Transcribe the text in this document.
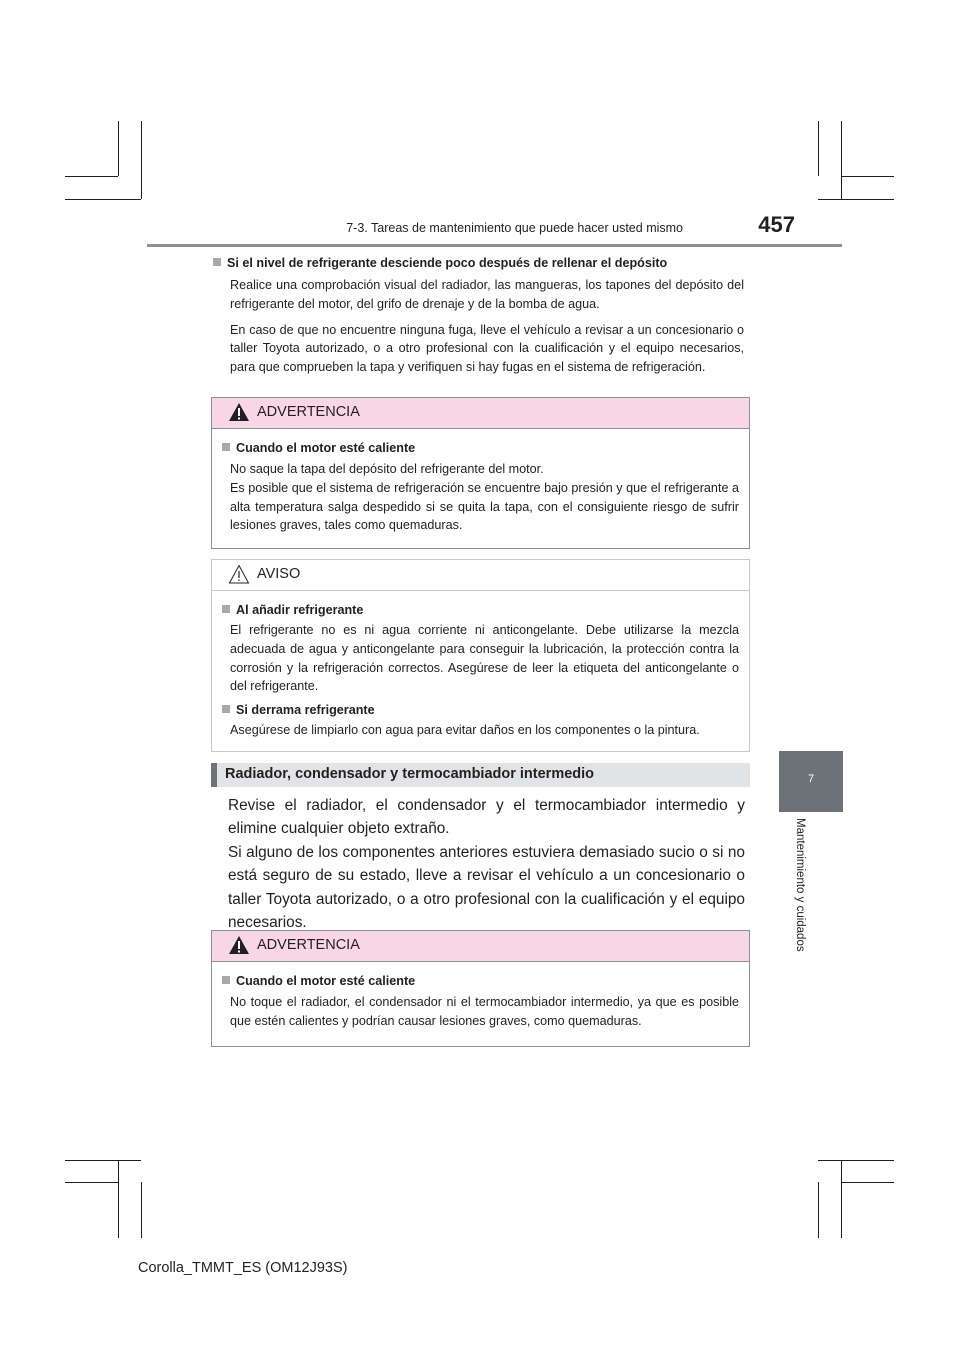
7-3. Tareas de mantenimiento que puede hacer usted mismo	457
7
Mantenimiento y cuidados
Si el nivel de refrigerante desciende poco después de rellenar el depósito
Realice una comprobación visual del radiador, las mangueras, los tapones del depósito del refrigerante del motor, del grifo de drenaje y de la bomba de agua.
En caso de que no encuentre ninguna fuga, lleve el vehículo a revisar a un concesionario o taller Toyota autorizado, o a otro profesional con la cualificación y el equipo necesarios, para que comprueben la tapa y verifiquen si hay fugas en el sistema de refrigeración.
ADVERTENCIA
Cuando el motor esté caliente
No saque la tapa del depósito del refrigerante del motor.
Es posible que el sistema de refrigeración se encuentre bajo presión y que el refrigerante a alta temperatura salga despedido si se quita la tapa, con el consiguiente riesgo de sufrir lesiones graves, tales como quemaduras.
AVISO
Al añadir refrigerante
El refrigerante no es ni agua corriente ni anticongelante. Debe utilizarse la mezcla adecuada de agua y anticongelante para conseguir la lubricación, la protección contra la corrosión y la refrigeración correctos. Asegúrese de leer la etiqueta del anticongelante o del refrigerante.
Si derrama refrigerante
Asegúrese de limpiarlo con agua para evitar daños en los componentes o la pintura.
Radiador, condensador y termocambiador intermedio
Revise el radiador, el condensador y el termocambiador intermedio y elimine cualquier objeto extraño.
Si alguno de los componentes anteriores estuviera demasiado sucio o si no está seguro de su estado, lleve a revisar el vehículo a un concesionario o taller Toyota autorizado, o a otro profesional con la cualificación y el equipo necesarios.
ADVERTENCIA
Cuando el motor esté caliente
No toque el radiador, el condensador ni el termocambiador intermedio, ya que es posible que estén calientes y podrían causar lesiones graves, como quemaduras.
Corolla_TMMT_ES (OM12J93S)
